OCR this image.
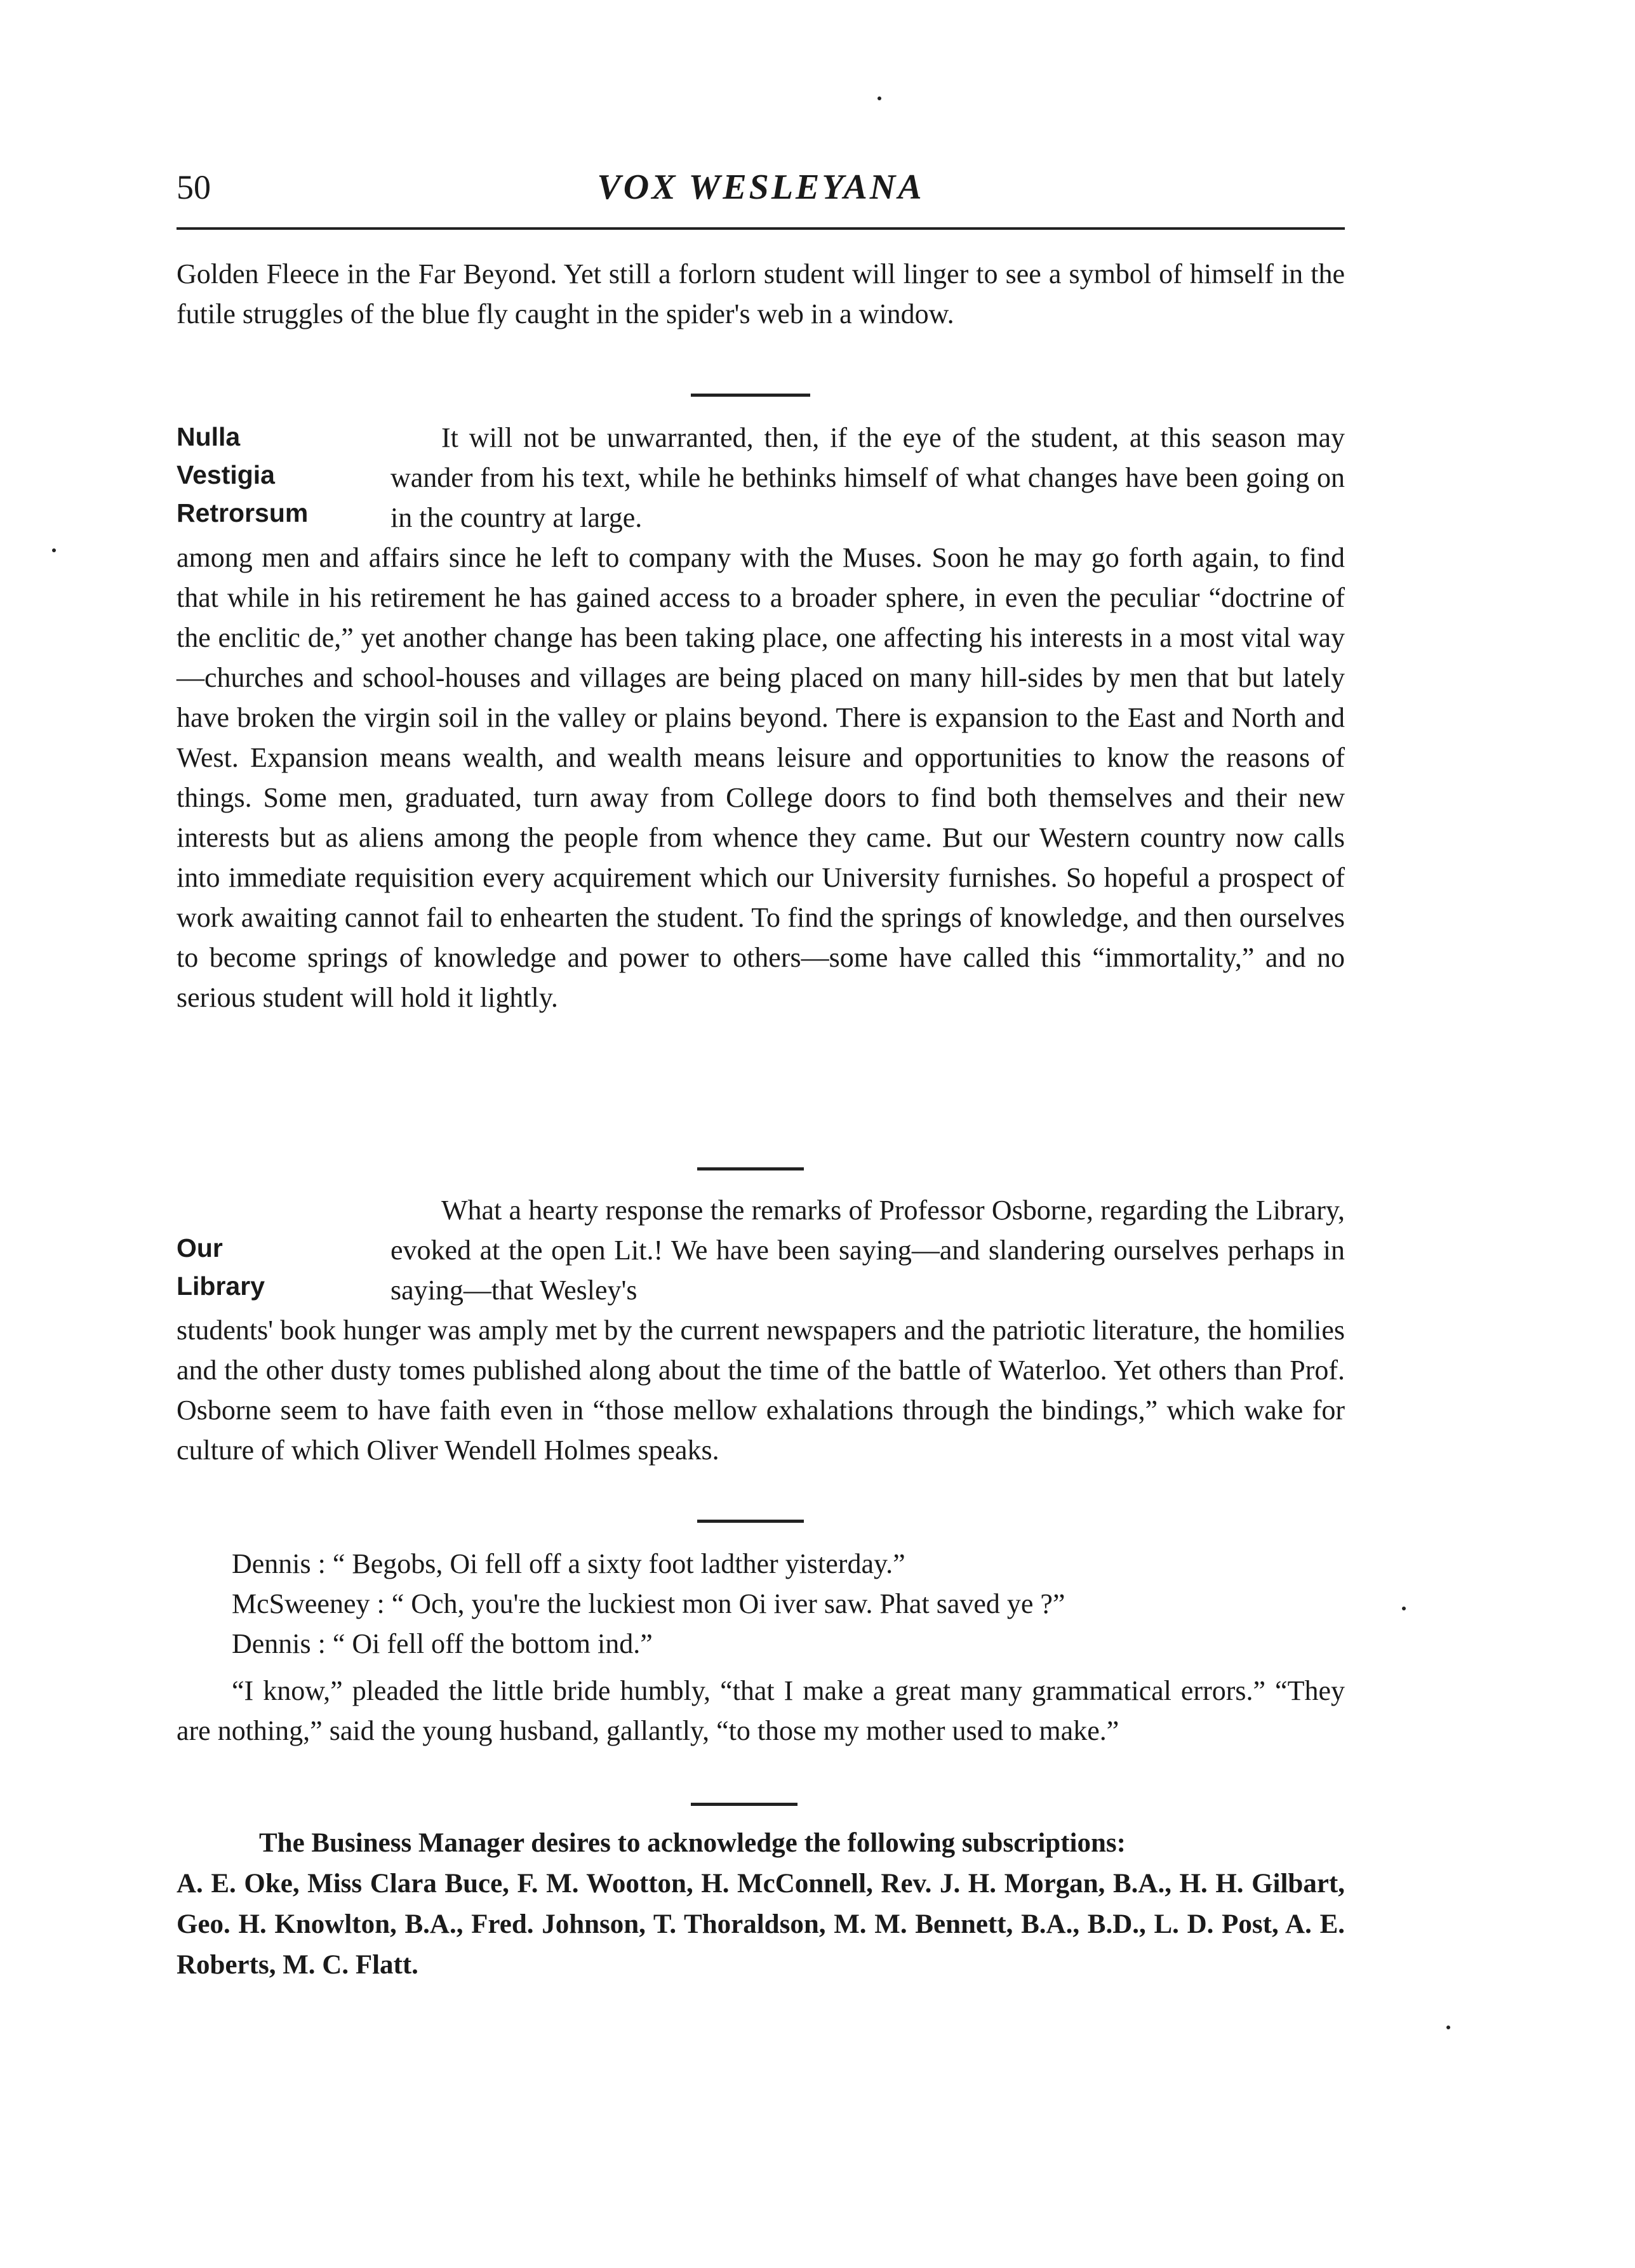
50	VOX WESLEYANA

Golden Fleece in the Far Beyond. Yet still a forlorn student will linger to see a symbol of himself in the futile struggles of the blue fly caught in the spider's web in a window.

Nulla
Vestigia
Retrorsum
It will not be unwarranted, then, if the eye of the student, at this season may wander from his text, while he bethinks himself of what changes have been going on in the country at large.

among men and affairs since he left to company with the Muses. Soon he may go forth again, to find that while in his retirement he has gained access to a broader sphere, in even the peculiar “doctrine of the enclitic de,” yet another change has been taking place, one affecting his interests in a most vital way—churches and school-houses and villages are being placed on many hill-sides by men that but lately have broken the virgin soil in the valley or plains beyond. There is expansion to the East and North and West. Expansion means wealth, and wealth means leisure and opportunities to know the reasons of things. Some men, graduated, turn away from College doors to find both themselves and their new interests but as aliens among the people from whence they came. But our Western country now calls into immediate requisition every acquirement which our University furnishes. So hopeful a prospect of work awaiting cannot fail to enhearten the student. To find the springs of knowledge, and then ourselves to become springs of knowledge and power to others—some have called this “immortality,” and no serious student will hold it lightly.

Our
Library
What a hearty response the remarks of Professor Osborne, regarding the Library, evoked at the open Lit.! We have been saying—and slandering ourselves perhaps in saying—that Wesley's

students' book hunger was amply met by the current newspapers and the patriotic literature, the homilies and the other dusty tomes published along about the time of the battle of Waterloo. Yet others than Prof. Osborne seem to have faith even in “those mellow exhalations through the bindings,” which wake for culture of which Oliver Wendell Holmes speaks.

Dennis : “ Begobs, Oi fell off a sixty foot ladther yisterday.”
McSweeney : “ Och, you're the luckiest mon Oi iver saw. Phat saved ye ?”
Dennis : “ Oi fell off the bottom ind.”
“I know,” pleaded the little bride humbly, “that I make a great many grammatical errors.” “They are nothing,” said the young husband, gallantly, “to those my mother used to make.”
The Business Manager desires to acknowledge the following subscriptions:
A. E. Oke, Miss Clara Buce, F. M. Wootton, H. McConnell, Rev. J. H. Morgan, B.A., H. H. Gilbart, Geo. H. Knowlton, B.A., Fred. Johnson, T. Thoraldson, M. M. Bennett, B.A., B.D., L. D. Post, A. E. Roberts, M. C. Flatt.
